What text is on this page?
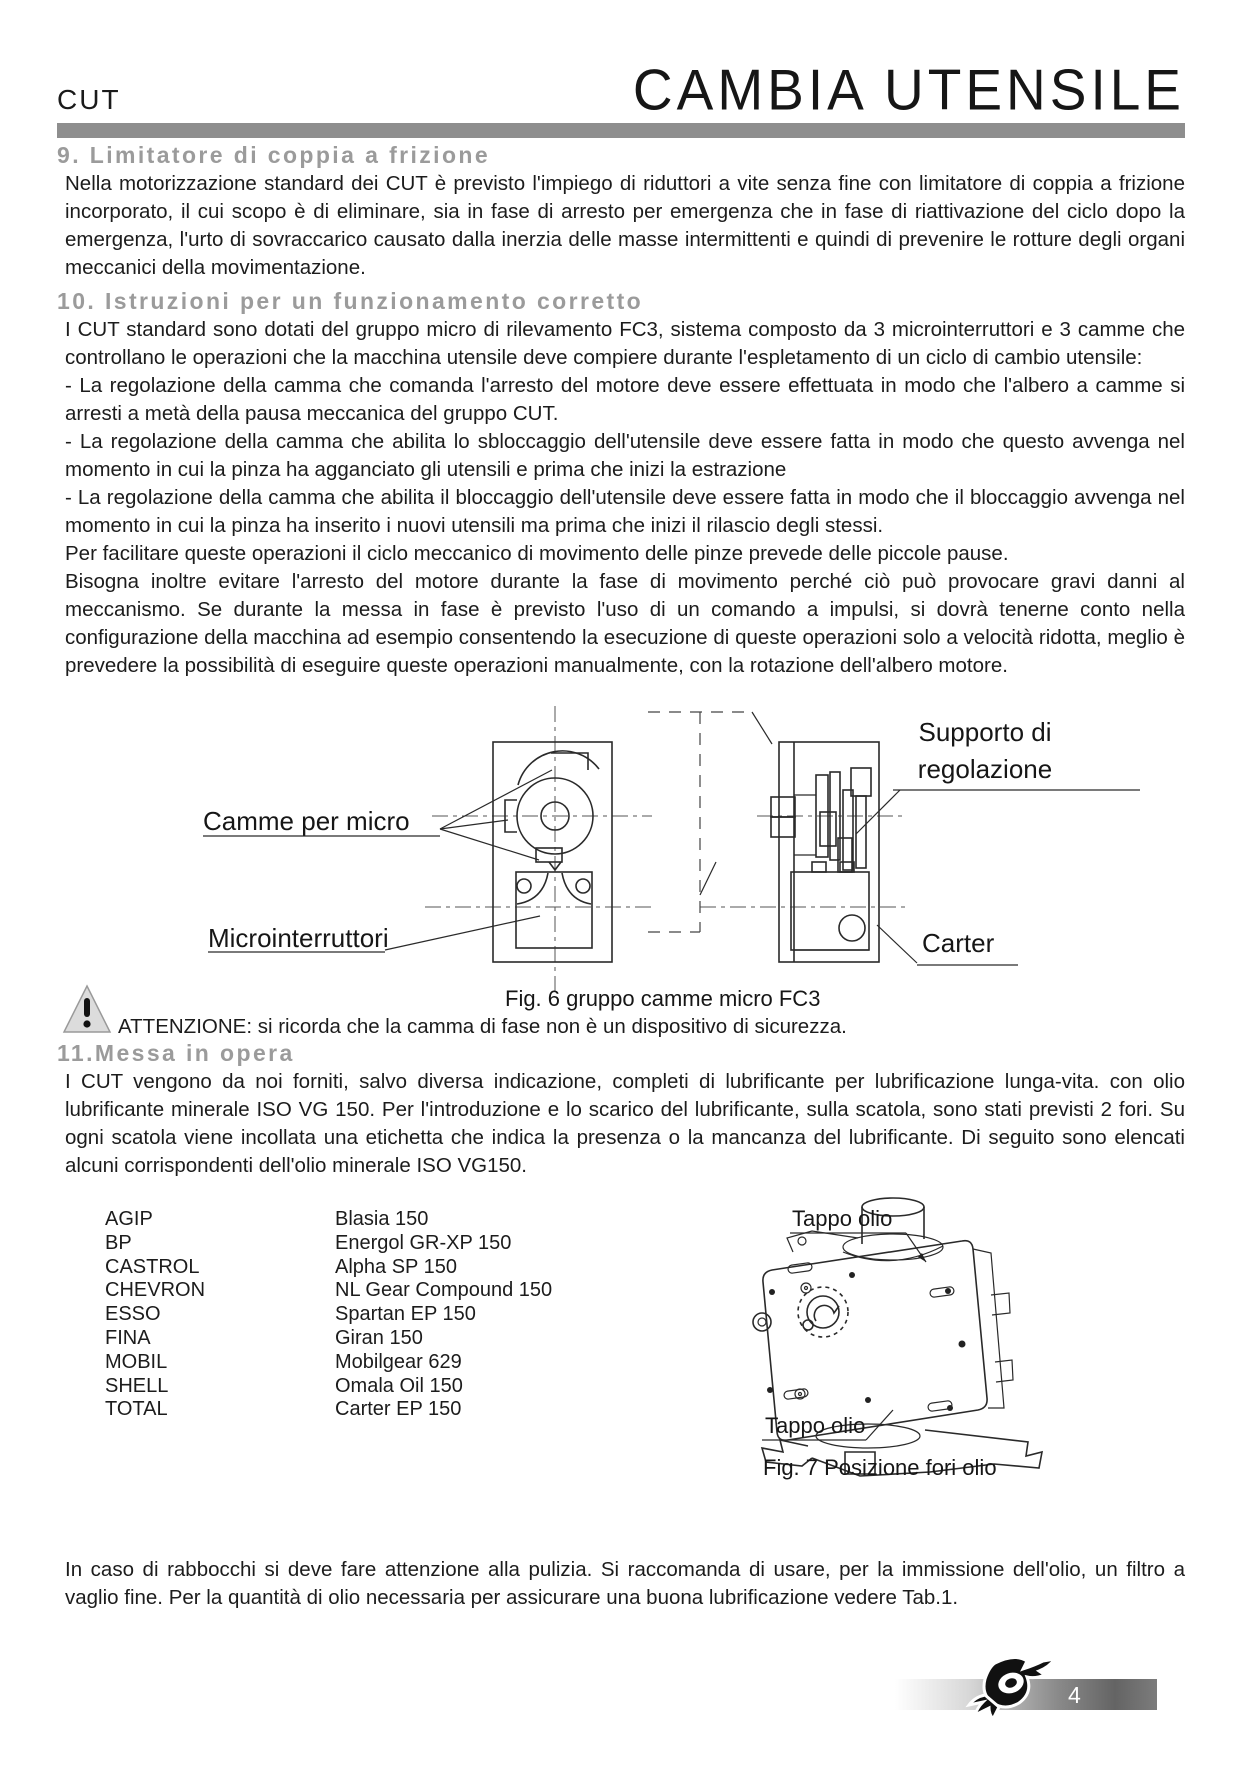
CUT	CAMBIA UTENSILE
9. Limitatore di coppia a frizione

Nella motorizzazione standard dei CUT è previsto l'impiego di riduttori a vite senza fine con limitatore di coppia a frizione incorporato, il cui scopo è di eliminare, sia in fase di arresto per emergenza che in fase di riattivazione del ciclo dopo la emergenza, l'urto di sovraccarico causato dalla inerzia delle masse intermittenti e quindi di prevenire le rotture degli organi meccanici della movimentazione.

10. Istruzioni per un funzionamento corretto

I CUT standard sono dotati del gruppo micro di rilevamento FC3, sistema composto da 3 microinterruttori e 3 camme che controllano le operazioni che la macchina utensile deve compiere durante l'espletamento di un ciclo di cambio utensile:

- La regolazione della camma che comanda l'arresto del motore deve essere effettuata in modo che l'albero a camme si arresti a metà della pausa meccanica del gruppo CUT.

- La regolazione della camma che abilita lo sbloccaggio dell'utensile deve essere fatta in modo che questo avvenga nel momento in cui la pinza ha agganciato gli utensili e prima che inizi la estrazione

- La regolazione della camma che abilita il bloccaggio dell'utensile deve essere fatta in modo che il bloccaggio avvenga nel momento in cui la pinza ha inserito i nuovi utensili ma prima che inizi il rilascio degli stessi.

Per facilitare queste operazioni il ciclo meccanico di movimento delle pinze prevede delle piccole pause.

Bisogna inoltre evitare l'arresto del motore durante la fase di movimento perché ciò può provocare gravi danni al meccanismo. Se durante la messa in fase è previsto l'uso di un comando a impulsi, si dovrà tenerne conto nella configurazione della macchina ad esempio consentendo la esecuzione di queste operazioni solo a velocità ridotta, meglio è prevedere la possibilità di eseguire queste operazioni manualmente, con la rotazione dell'albero motore.

Camme per micro
Microinterruttori
Supporto di regolazione
Carter
Fig. 6 gruppo camme micro FC3
ATTENZIONE: si ricorda che la camma di fase non è un dispositivo di sicurezza.
11.Messa in opera

I CUT vengono da noi forniti, salvo diversa indicazione, completi di lubrificante per lubrificazione lunga-vita. con olio lubrificante minerale ISO VG 150. Per l'introduzione e lo scarico del lubrificante, sulla scatola, sono stati previsti 2 fori. Su ogni scatola viene incollata una etichetta che indica la presenza o la mancanza del lubrificante. Di seguito sono elencati alcuni corrispondenti dell'olio minerale ISO VG150.

AGIP	Blasia 150
BP	Energol GR-XP 150
CASTROL	Alpha SP 150
CHEVRON	NL Gear Compound 150
ESSO	Spartan EP 150
FINA	Giran 150
MOBIL	Mobilgear 629
SHELL	Omala Oil 150
TOTAL	Carter EP 150
Tappo olio
Tappo olio
Fig. 7 Posizione fori olio

In caso di rabbocchi si deve fare attenzione alla pulizia. Si raccomanda di usare, per la immissione dell'olio, un filtro a vaglio fine. Per la quantità di olio necessaria per assicurare una buona lubrificazione vedere Tab.1.

4
